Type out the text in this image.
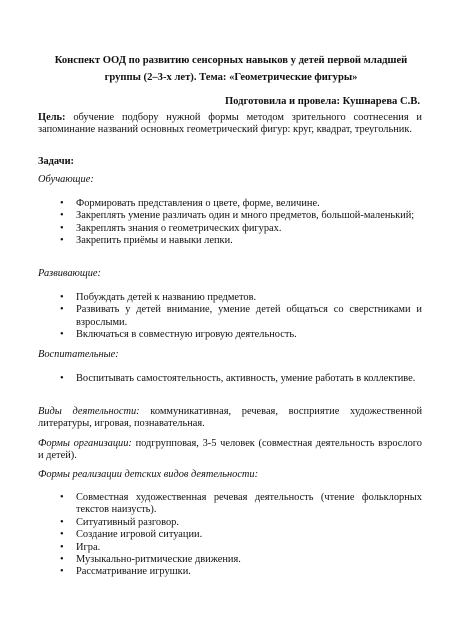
Конспект ООД по развитию сенсорных навыков у детей первой младшей группы (2–3-х лет). Тема: «Геометрические фигуры»
Подготовила и провела: Кушнарева С.В.
Цель: обучение подбору нужной формы методом зрительного соотнесения и запоминание названий основных геометрический фигур: круг, квадрат, треугольник.
Задачи:
Обучающие:
• Формировать представления о цвете, форме, величине.
• Закреплять умение различать один и много предметов, большой-маленький;
• Закреплять знания о геометрических фигурах.
• Закрепить приёмы и навыки лепки.
Развивающие:
• Побуждать детей к названию предметов.
• Развивать у детей внимание, умение детей общаться со сверстниками и взрослыми.
• Включаться в совместную игровую деятельность.
Воспитательные:
• Воспитывать самостоятельность, активность, умение работать в коллективе.
Виды деятельности: коммуникативная, речевая, восприятие художественной литературы, игровая, познавательная.
Формы организации: подгрупповая, 3-5 человек (совместная деятельность взрослого и детей).
Формы реализации детских видов деятельности:
• Совместная художественная речевая деятельность (чтение фольклорных текстов наизусть).
• Ситуативный разговор.
• Создание игровой ситуации.
• Игра.
• Музыкально-ритмические движения.
• Рассматривание игрушки.
